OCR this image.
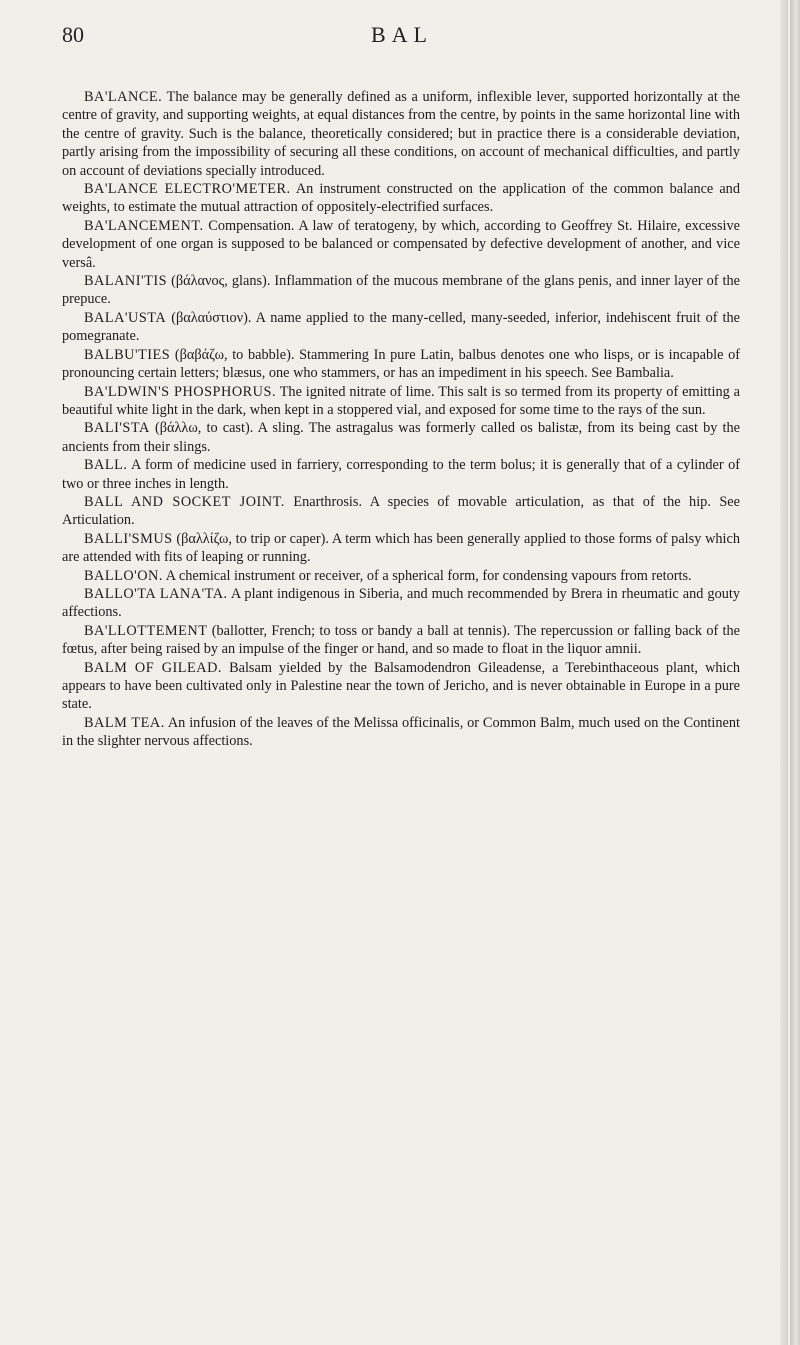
80	BAL

BA'LANCE. The balance may be generally defined as a uniform, inflexible lever, supported horizontally at the centre of gravity, and supporting weights, at equal distances from the centre, by points in the same horizontal line with the centre of gravity. Such is the balance, theoretically considered; but in practice there is a considerable deviation, partly arising from the impossibility of securing all these conditions, on account of mechanical difficulties, and partly on account of deviations specially introduced.

BA'LANCE ELECTRO'METER. An instrument constructed on the application of the common balance and weights, to estimate the mutual attraction of oppositely-electrified surfaces.

BA'LANCEMENT. Compensation. A law of teratogeny, by which, according to Geoffrey St. Hilaire, excessive development of one organ is supposed to be balanced or compensated by defective development of another, and vice versâ.

BALANI'TIS (βάλανος, glans). Inflammation of the mucous membrane of the glans penis, and inner layer of the prepuce.

BALA'USTA (βαλαύστιον). A name applied to the many-celled, many-seeded, inferior, indehiscent fruit of the pomegranate.

BALBU'TIES (βαβάζω, to babble). Stammering In pure Latin, balbus denotes one who lisps, or is incapable of pronouncing certain letters; blæsus, one who stammers, or has an impediment in his speech. See Bambalia.

BA'LDWIN'S PHOSPHORUS. The ignited nitrate of lime. This salt is so termed from its property of emitting a beautiful white light in the dark, when kept in a stoppered vial, and exposed for some time to the rays of the sun.

BALI'STA (βάλλω, to cast). A sling. The astragalus was formerly called os balistæ, from its being cast by the ancients from their slings.

BALL. A form of medicine used in farriery, corresponding to the term bolus; it is generally that of a cylinder of two or three inches in length.

BALL AND SOCKET JOINT. Enarthrosis. A species of movable articulation, as that of the hip. See Articulation.

BALLI'SMUS (βαλλίζω, to trip or caper). A term which has been generally applied to those forms of palsy which are attended with fits of leaping or running.

BALLO'ON. A chemical instrument or receiver, of a spherical form, for condensing vapours from retorts.

BALLO'TA LANA'TA. A plant indigenous in Siberia, and much recommended by Brera in rheumatic and gouty affections.

BA'LLOTTEMENT (ballotter, French; to toss or bandy a ball at tennis). The repercussion or falling back of the fœtus, after being raised by an impulse of the finger or hand, and so made to float in the liquor amnii.

BALM OF GILEAD. Balsam yielded by the Balsamodendron Gileadense, a Terebinthaceous plant, which appears to have been cultivated only in Palestine near the town of Jericho, and is never obtainable in Europe in a pure state.

BALM TEA. An infusion of the leaves of the Melissa officinalis, or Common Balm, much used on the Continent in the slighter nervous affections.
